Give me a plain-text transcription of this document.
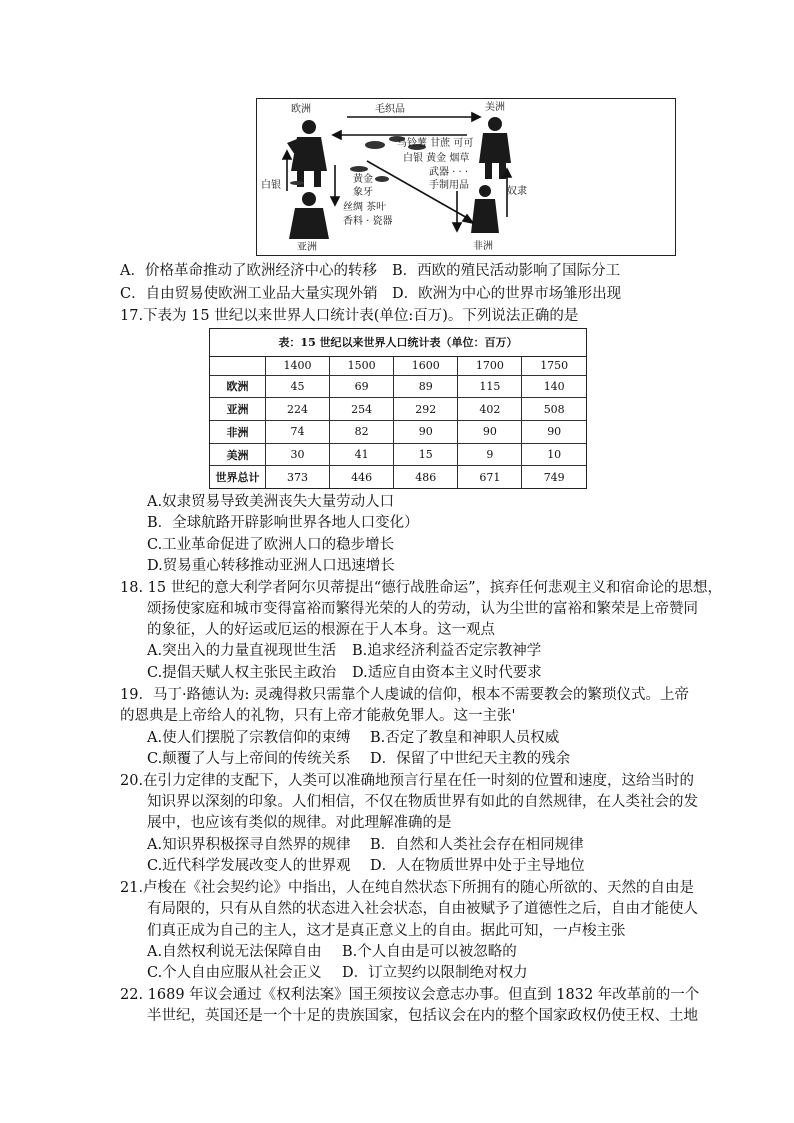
欧洲	美洲
亚洲	非洲
毛织品
马铃薯 甘蔗 可可
白银 黄金 烟草
武器 · · ·
手制用品
黄金
象牙
白银
丝绸 茶叶
香料 · 瓷器
奴隶
A．价格革命推动了欧洲经济中心的转移 B．西欧的殖民活动影响了国际分工
C．自由贸易使欧洲工业品大量实现外销 D．欧洲为中心的世界市场雏形出现
17.下表为 15 世纪以来世界人口统计表(单位:百万)。下列说法正确的是
表：15 世纪以来世界人口统计表（单位：百万）
	1400	1500	1600	1700	1750
欧洲	45	69	89	115	140
亚洲	224	254	292	402	508
非洲	74	82	90	90	90
美洲	30	41	15	9	10
世界总计	373	446	486	671	749
A.奴隶贸易导致美洲丧失大量劳动人口
B．全球航路开辟影响世界各地人口变化）
C.工业革命促进了欧洲人口的稳步增长
D.贸易重心转移推动亚洲人口迅速增长
18. 15 世纪的意大利学者阿尔贝蒂提出“德行战胜命运”，摈弃任何悲观主义和宿命论的思想，
颂扬使家庭和城市变得富裕而繁得光荣的人的劳动，认为尘世的富裕和繁荣是上帝赞同
的象征，人的好运或厄运的根源在于人本身。这一观点
A.突出入的力量直视现世生活 B.追求经济利益否定宗教神学
C.提倡天赋人权主张民主政治 D.适应自由资本主义时代要求
19．马丁·路德认为: 灵魂得救只需靠个人虔诚的信仰，根本不需要教会的繁琐仪式。上帝
的恩典是上帝给人的礼物，只有上帝才能赦免罪人。这一主张'
A.使人们摆脱了宗教信仰的束缚 B.否定了教皇和神职人员权威
C.颠覆了人与上帝间的传统关系 D．保留了中世纪天主教的残余
20.在引力定律的支配下，人类可以准确地预言行星在任一时刻的位置和速度，这给当时的
知识界以深刻的印象。人们相信，不仅在物质世界有如此的自然规律，在人类社会的发
展中，也应该有类似的规律。对此理解准确的是
A.知识界积极探寻自然界的规律 B．自然和人类社会存在相同规律
C.近代科学发展改变人的世界观 D．人在物质世界中处于主导地位
21.卢梭在《社会契约论》中指出，人在纯自然状态下所拥有的随心所欲的、天然的自由是
有局限的，只有从自然的状态进入社会状态，自由被赋予了道德性之后，自由才能使人
们真正成为自己的主人，这才是真正意义上的自由。据此可知，一卢梭主张
A.自然权利说无法保障自由 B.个人自由是可以被忽略的
C.个人自由应服从社会正义 D．订立契约以限制绝对权力
22. 1689 年议会通过《权利法案》国王须按议会意志办事。但直到 1832 年改革前的一个
半世纪，英国还是一个十足的贵族国家，包括议会在内的整个国家政权仍使王权、土地
